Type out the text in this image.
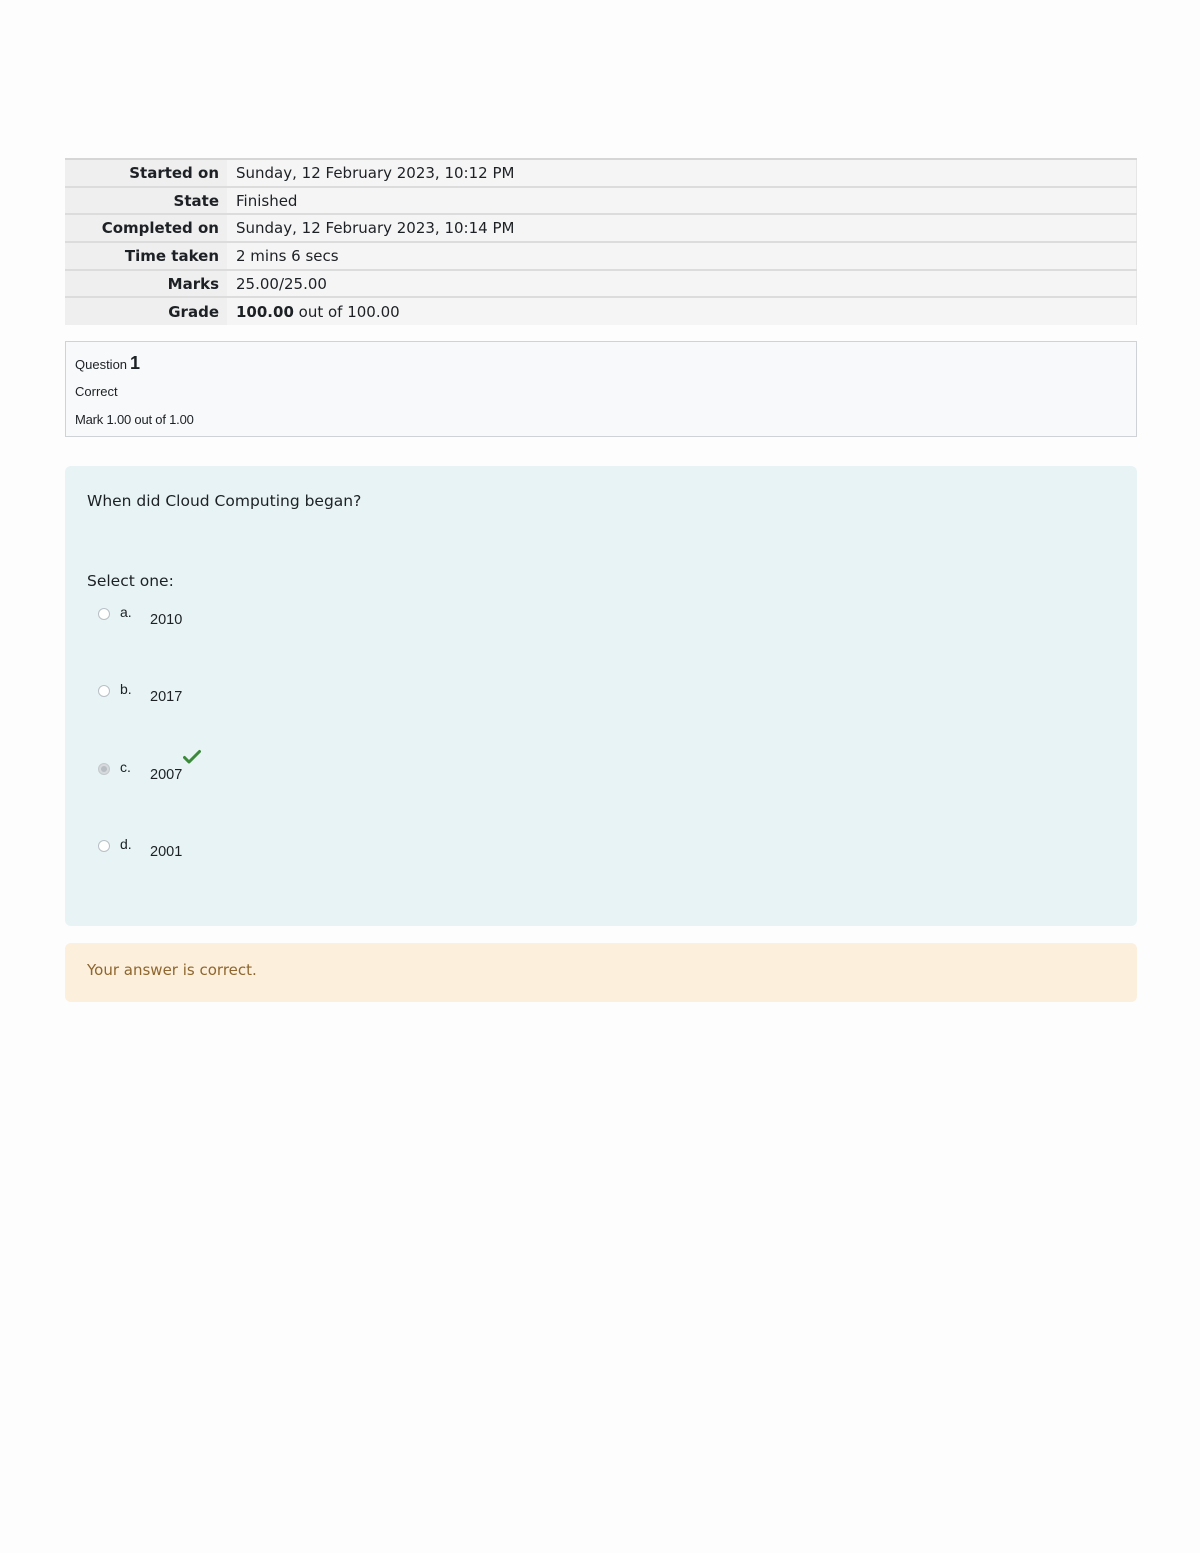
Started on	Sunday, 12 February 2023, 10:12 PM
State	Finished
Completed on	Sunday, 12 February 2023, 10:14 PM
Time taken	2 mins 6 secs
Marks	25.00/25.00
Grade	100.00 out of 100.00
Question 1
Correct
Mark 1.00 out of 1.00
When did Cloud Computing began?
Select one:
a. 2010
b. 2017
c. 2007
d. 2001
Your answer is correct.
